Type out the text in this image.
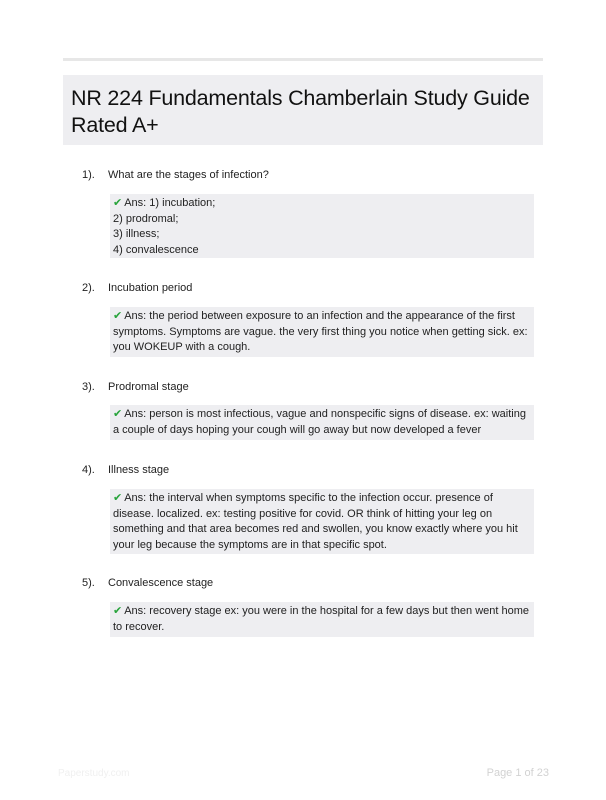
NR 224 Fundamentals Chamberlain Study Guide Rated A+
1). What are the stages of infection?
✔ Ans: 1) incubation;
2) prodromal;
3) illness;
4) convalescence
2). Incubation period
✔ Ans: the period between exposure to an infection and the appearance of the first symptoms. Symptoms are vague. the very first thing you notice when getting sick. ex: you WOKEUP with a cough.
3). Prodromal stage
✔ Ans: person is most infectious, vague and nonspecific signs of disease. ex: waiting a couple of days hoping your cough will go away but now developed a fever
4). Illness stage
✔ Ans: the interval when symptoms specific to the infection occur. presence of disease. localized. ex: testing positive for covid. OR think of hitting your leg on something and that area becomes red and swollen, you know exactly where you hit your leg because the symptoms are in that specific spot.
5). Convalescence stage
✔ Ans: recovery stage ex: you were in the hospital for a few days but then went home to recover.
Paperstudy.com	Page 1 of 23
